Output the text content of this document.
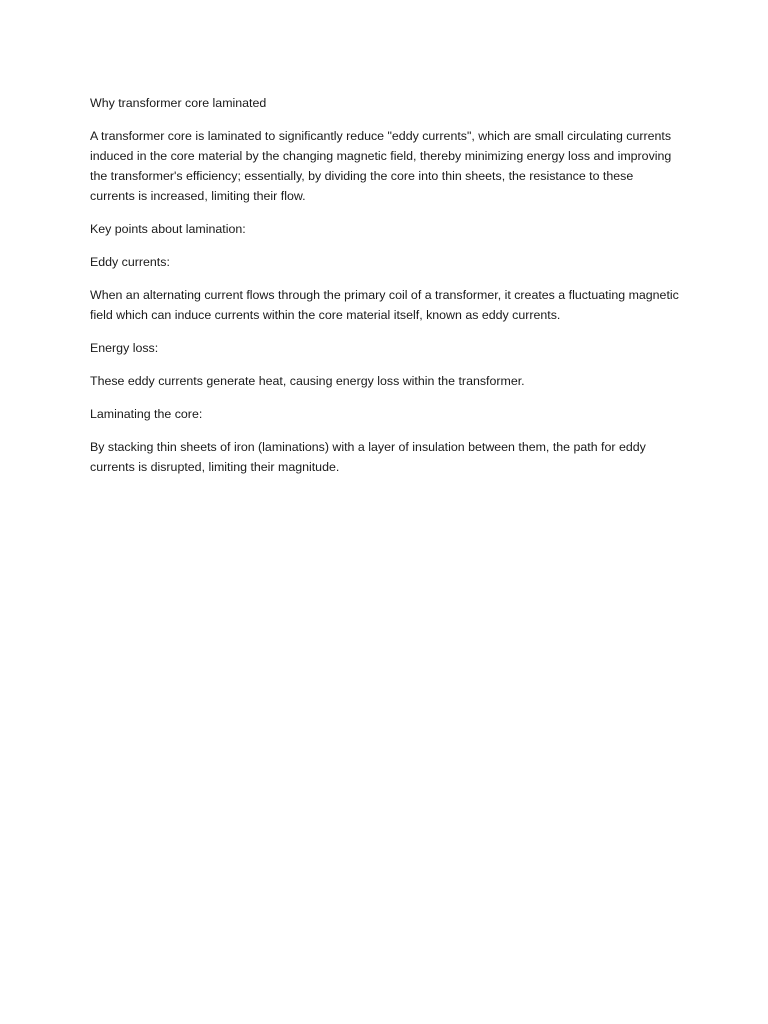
Why transformer core laminated

A transformer core is laminated to significantly reduce "eddy currents", which are small circulating currents induced in the core material by the changing magnetic field, thereby minimizing energy loss and improving the transformer's efficiency; essentially, by dividing the core into thin sheets, the resistance to these currents is increased, limiting their flow.

Key points about lamination:

Eddy currents:

When an alternating current flows through the primary coil of a transformer, it creates a fluctuating magnetic field which can induce currents within the core material itself, known as eddy currents.

Energy loss:

These eddy currents generate heat, causing energy loss within the transformer.

Laminating the core:

By stacking thin sheets of iron (laminations) with a layer of insulation between them, the path for eddy currents is disrupted, limiting their magnitude.
